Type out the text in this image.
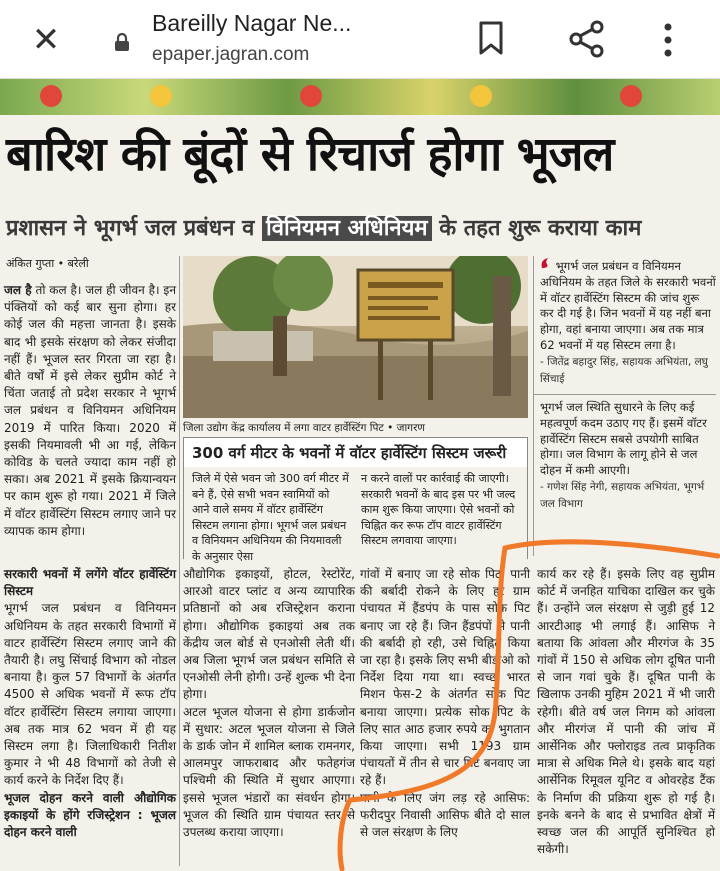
✕	Bareilly Nagar Ne...
epaper.jagran.com
बारिश की बूंदों से रिचार्ज होगा भूजल
प्रशासन ने भूगर्भ जल प्रबंधन व विनियमन अधिनियम के तहत शुरू कराया काम
अंकित गुप्ता • बरेली

जल है तो कल है। जल ही जीवन है। इन पंक्तियों को कई बार सुना होगा। हर कोई जल की महत्ता जानता है। इसके बाद भी इसके संरक्षण को लेकर संजीदा नहीं हैं। भूजल स्तर गिरता जा रहा है। बीते वर्षों में इसे लेकर सुप्रीम कोर्ट ने चिंता जताई तो प्रदेश सरकार ने भूगर्भ जल प्रबंधन व विनियमन अधिनियम 2019 में पारित किया। 2020 में इसकी नियमावली भी आ गई, लेकिन कोविड के चलते ज्यादा काम नहीं हो सका। अब 2021 में इसके क्रियान्वयन पर काम शुरू हो गया। 2021 में जिले में वॉटर हार्वेस्टिंग सिस्टम लगाए जाने पर व्यापक काम होगा।

सरकारी भवनों में लगेंगे वॉटर हार्वेस्टिंग सिस्टम

भूगर्भ जल प्रबंधन व विनियमन अधिनियम के तहत सरकारी विभागों में वाटर हार्वेस्टिंग सिस्टम लगाए जाने की तैयारी है। लघु सिंचाई विभाग को नोडल बनाया है। कुल 57 विभागों के अंतर्गत 4500 से अधिक भवनों में रूफ टॉप वॉटर हार्वेस्टिंग सिस्टम लगाया जाएगा। अब तक मात्र 62 भवन में ही यह सिस्टम लगा है। जिलाधिकारी नितीश कुमार ने भी 48 विभागों को तेजी से कार्य करने के निर्देश दिए हैं।

भूजल दोहन करने वाली औद्योगिक इकाइयों के होंगे रजिस्ट्रेशन : भूजल दोहन करने वाली

जिला उद्योग केंद्र कार्यालय में लगा वाटर हार्वेस्टिंग पिट • जागरण
300 वर्ग मीटर के भवनों में वॉटर हार्वेस्टिंग सिस्टम जरूरी
जिले में ऐसे भवन जो 300 वर्ग मीटर में बने हैं, ऐसे सभी भवन स्वामियों को आने वाले समय में वॉटर हार्वेस्टिंग सिस्टम लगाना होगा। भूगर्भ जल प्रबंधन व विनियमन अधिनियम की नियमावली के अनुसार ऐसा
न करने वालों पर कार्रवाई की जाएगी। सरकारी भवनों के बाद इस पर भी जल्द काम शुरू किया जाएगा। ऐसे भवनों को चिह्नित कर रूफ टॉप वाटर हार्वेस्टिंग सिस्टम लगवाया जाएगा।

औद्योगिक इकाइयों, होटल, रेस्टोरेंट, आरओ वाटर प्लांट व अन्य व्यापारिक प्रतिष्ठानों को अब रजिस्ट्रेशन कराना होगा। औद्योगिक इकाइयां अब तक केंद्रीय जल बोर्ड से एनओसी लेती थीं। अब जिला भूगर्भ जल प्रबंधन समिति से एनओसी लेनी होगी। उन्हें शुल्क भी देना होगा।

अटल भूजल योजना से होगा डार्कजोन में सुधार: अटल भूजल योजना से जिले के डार्क जोन में शामिल ब्लाक रामनगर, आलमपुर जाफराबाद और फतेहगंज पश्चिमी की स्थिति में सुधार आएगा। इससे भूजल भंडारों का संवर्धन होगा। भूजल की स्थिति ग्राम पंचायत स्तर से उपलब्ध कराया जाएगा।

गांवों में बनाए जा रहे सोक पिट: पानी की बर्बादी रोकने के लिए हर ग्राम पंचायत में हैंडपंप के पास सोक पिट बनाए जा रहे हैं। जिन हैंडपंपों से पानी की बर्बादी हो रही, उसे चिह्नित किया जा रहा है। इसके लिए सभी बीडीओ को निर्देश दिया गया था। स्वच्छ भारत मिशन फेस-2 के अंतर्गत सोक पिट बनाया जाएगा। प्रत्येक सोक पिट के लिए सात आठ हजार रुपये का भुगतान किया जाएगा। सभी 1193 ग्राम पंचायतों में तीन से चार पिट बनवाए जा रहे हैं।

पानी के लिए जंग लड़ रहे आसिफ: फरीदपुर निवासी आसिफ बीते दो साल से जल संरक्षण के लिए

कार्य कर रहे हैं। इसके लिए वह सुप्रीम कोर्ट में जनहित याचिका दाखिल कर चुके हैं। उन्होंने जल संरक्षण से जुड़ी हुई 12 आरटीआइ भी लगाई हैं। आसिफ ने बताया कि आंवला और मीरगंज के 35 गांवों में 150 से अधिक लोग दूषित पानी से जान गवां चुके हैं। दूषित पानी के खिलाफ उनकी मुहिम 2021 में भी जारी रहेगी। बीते वर्ष जल निगम को आंवला और मीरगंज में पानी की जांच में आर्सेनिक और फ्लोराइड तत्व प्राकृतिक मात्रा से अधिक मिले थे। इसके बाद यहां आर्सेनिक रिमूवल यूनिट व ओवरहेड टैंक के निर्माण की प्रक्रिया शुरू हो गई है। इनके बनने के बाद से प्रभावित क्षेत्रों में स्वच्छ जल की आपूर्ति सुनिश्चित हो सकेगी।

भूगर्भ जल प्रबंधन व विनियमन अधिनियम के तहत जिले के सरकारी भवनों में वॉटर हार्वेस्टिंग सिस्टम की जांच शुरू कर दी गई है। जिन भवनों में यह नहीं बना होगा, वहां बनाया जाएगा। अब तक मात्र 62 भवनों में यह सिस्टम लगा है।
- जितेंद्र बहादुर सिंह, सहायक अभियंता, लघु सिंचाई
भूगर्भ जल स्थिति सुधारने के लिए कई महत्वपूर्ण कदम उठाए गए हैं। इसमें वॉटर हार्वेस्टिंग सिस्टम सबसे उपयोगी साबित होगा। जल विभाग के लागू होने से जल दोहन में कमी आएगी।
- गणेश सिंह नेगी, सहायक अभियंता, भूगर्भ जल विभाग
